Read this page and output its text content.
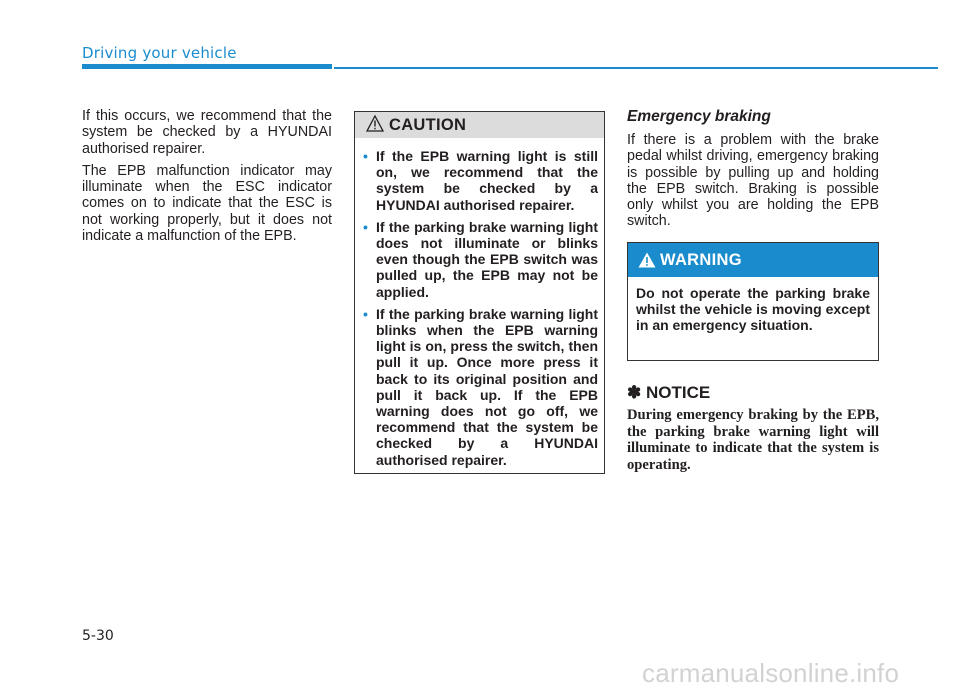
Driving your vehicle

If this occurs, we recommend that the system be checked by a HYUNDAI authorised repairer.

The EPB malfunction indicator may illuminate when the ESC indicator comes on to indicate that the ESC is not working properly, but it does not indicate a malfunction of the EPB.

CAUTION
• If the EPB warning light is still on, we recommend that the system be checked by a HYUNDAI authorised repairer.
• If the parking brake warning light does not illuminate or blinks even though the EPB switch was pulled up, the EPB may not be applied.
• If the parking brake warning light blinks when the EPB warning light is on, press the switch, then pull it up. Once more press it back to its original position and pull it back up. If the EPB warning does not go off, we recommend that the system be checked by a HYUNDAI authorised repairer.
Emergency braking

If there is a problem with the brake pedal whilst driving, emergency braking is possible by pulling up and holding the EPB switch. Braking is possible only whilst you are holding the EPB switch.

WARNING
Do not operate the parking brake whilst the vehicle is moving except in an emergency situation.
✽ NOTICE
During emergency braking by the EPB, the parking brake warning light will illuminate to indicate that the system is operating.
5-30
carmanualsonline.info
